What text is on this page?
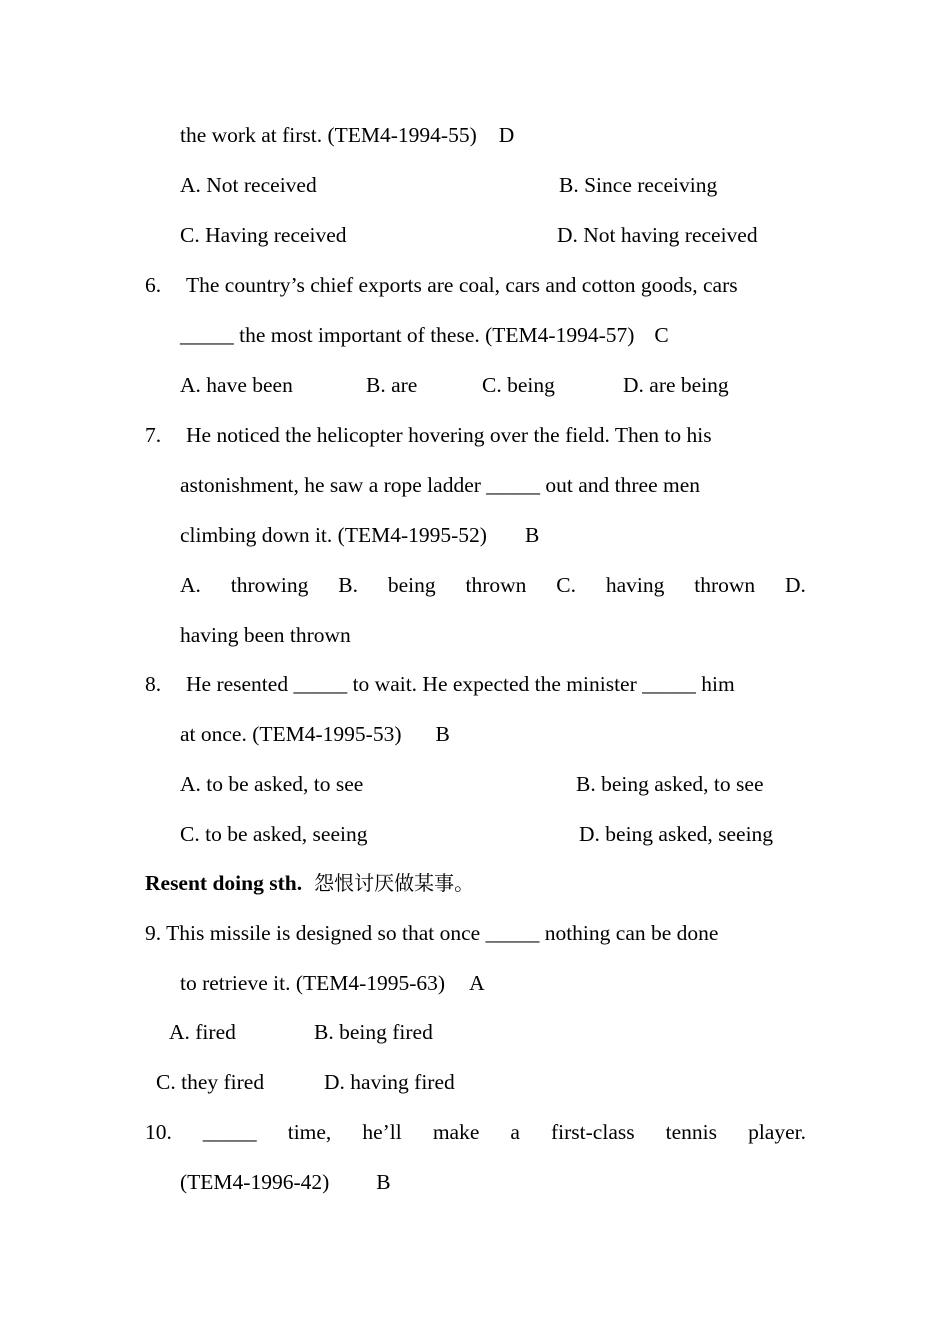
the work at first. (TEM4-1994-55) D
A. Not received	B. Since receiving
C. Having received	D. Not having received
6. The country’s chief exports are coal, cars and cotton goods, cars
_____ the most important of these. (TEM4-1994-57) C
A. have been	B. are	C. being	D. are being
7. He noticed the helicopter hovering over the field. Then to his
astonishment, he saw a rope ladder _____ out and three men
climbing down it. (TEM4-1995-52) B
A. throwing B. being thrown C. having thrown D.
having been thrown
8. He resented _____ to wait. He expected the minister _____ him
at once. (TEM4-1995-53) B
A. to be asked, to see	B. being asked, to see
C. to be asked, seeing	D. being asked, seeing
Resent doing sth. 怨恨讨厌做某事。
9. This missile is designed so that once _____ nothing can be done
to retrieve it. (TEM4-1995-63) A
A. fired	B. being fired
C. they fired	D. having fired
10. _____ time, he’ll make a first-class tennis player.
(TEM4-1996-42) B
